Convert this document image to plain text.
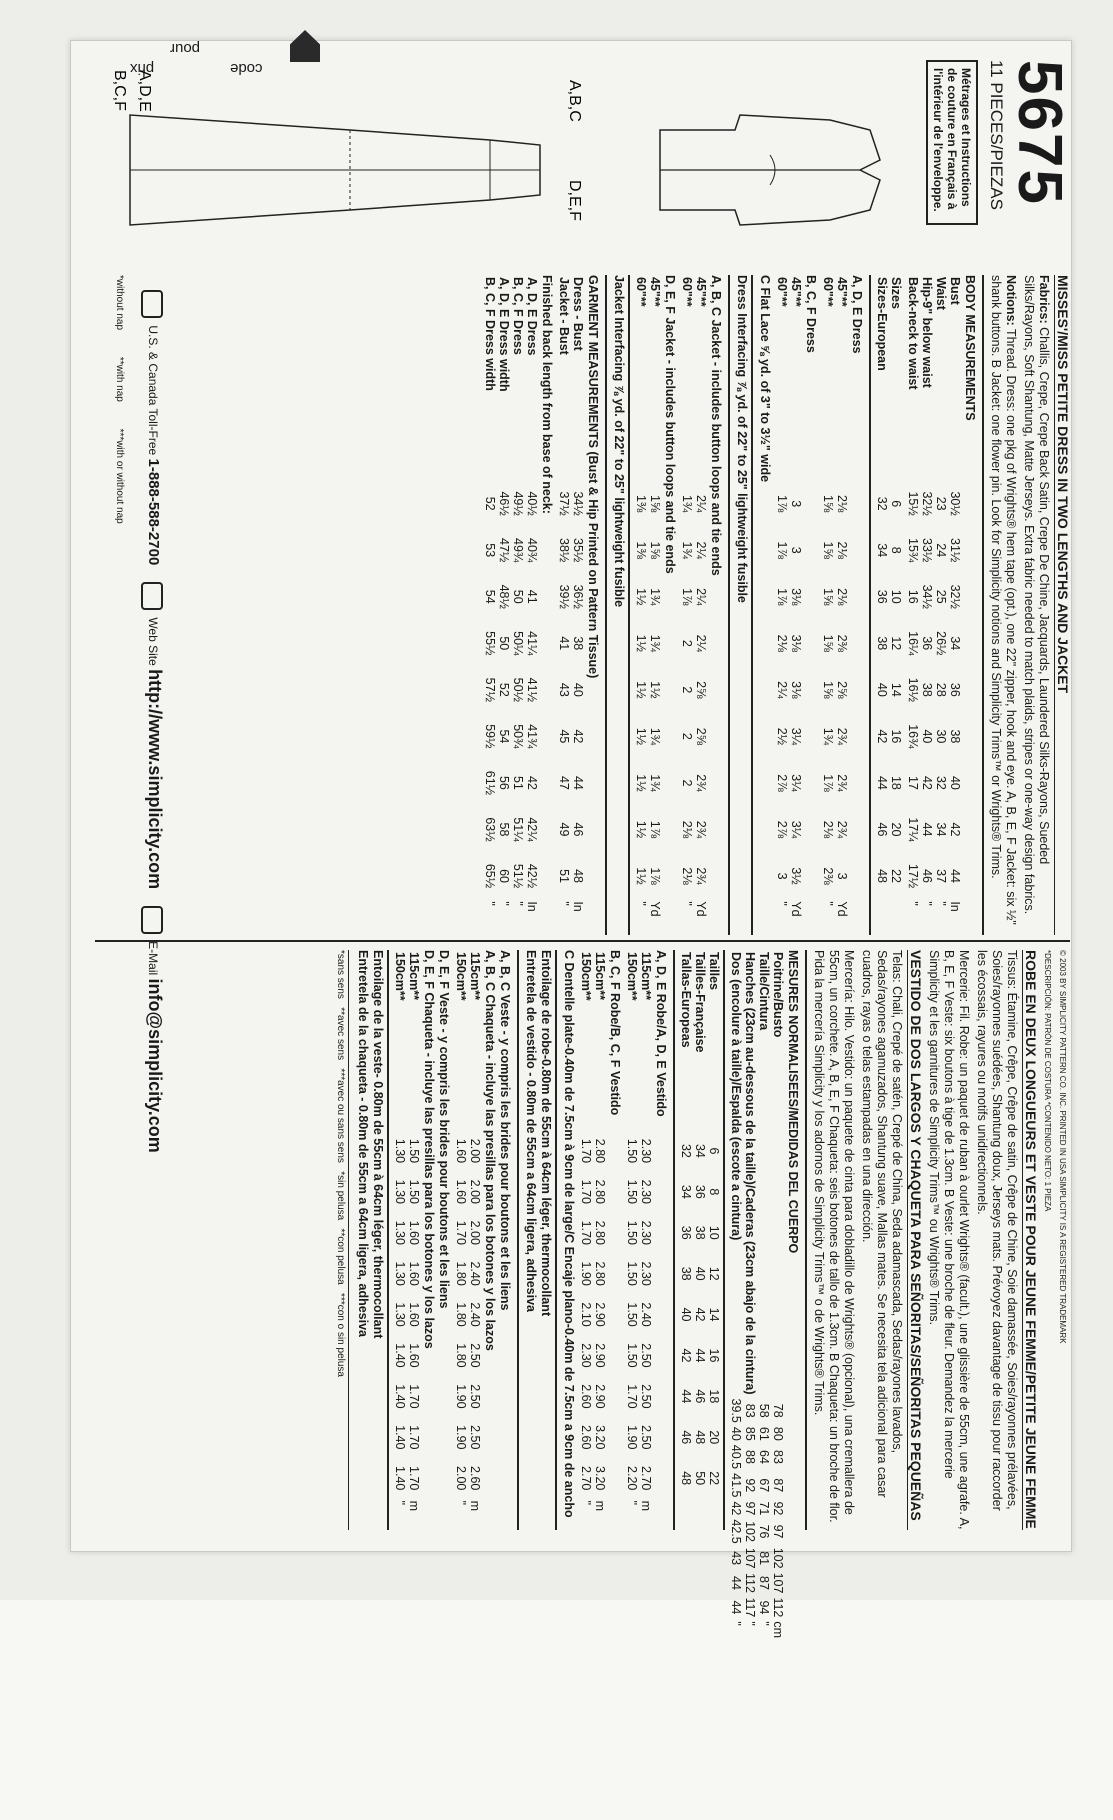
prix
pour
code	5675
11 PIECES/PIEZAS
Métrages et Instructions de couture en Français à l'intérieur de l'enveloppe.
A,B,C
D,E,F
A,D,E
B,C,F
MISSES'/MISS PETITE DRESS IN TWO LENGTHS AND JACKET

Fabrics: Challis, Crepe, Crepe Back Satin, Crepe De Chine, Jacquards, Laundered Silks-Rayons, Sueded Silks/Rayons, Soft Shantung, Matte Jerseys. Extra fabric needed to match plaids, stripes or one-way design fabrics.

Notions: Thread. Dress: one pkg of Wrights® hem tape (opt.), one 22" zipper, hook and eye. A, B, E, F Jacket: six ½" shank buttons. B Jacket: one flower pin. Look for Simplicity notions and Simplicity Trims™ or Wrights® Trims.

BODY MEASUREMENTS
Bust	30½	31½	32½	34	36	38	40	42	44	In
Waist	23	24	25	26½	28	30	32	34	37	"
Hip-9" below waist	32½	33½	34½	36	38	40	42	44	46	"
Back-neck to waist	15½	15¾	16	16¼	16½	16¾	17	17¼	17½	"
Sizes	6	8	10	12	14	16	18	20	22	
Sizes-European	32	34	36	38	40	42	44	46	48	
A, D, E Dress
45"**	2⅛	2⅛	2⅛	2⅜	2⅝	2¾	2¾	2¾	3	Yd
60"**	1⅝	1⅝	1⅝	1⅝	1⅝	1¾	1⅞	2⅛	2⅜	"
B, C, F Dress
45"**	3	3	3⅛	3⅛	3⅛	3¼	3¼	3¼	3½	Yd
60"**	1⅞	1⅞	1⅞	2⅛	2¼	2½	2⅞	2⅞	3	"
C Flat Lace ⅝ yd. of 3" to 3½" wide
Dress Interfacing ⅞ yd. of 22" to 25" lightweight fusible
A, B, C Jacket - includes button loops and tie ends
45"**	2¼	2¼	2¼	2¼	2⅝	2⅝	2¾	2¾	2¾	Yd
60"**	1¾	1¾	1⅞	2	2	2	2	2⅛	2⅛	"
D, E, F Jacket - includes button loops and tie ends
45"**	1⅝	1⅝	1¾	1¾	1½	1¾	1¾	1⅞	1⅞	Yd
60"**	1⅜	1⅜	1½	1½	1½	1½	1½	1½	1½	"
Jacket Interfacing ⅞ yd. of 22" to 25" lightweight fusible
GARMENT MEASUREMENTS (Bust & Hip Printed on Pattern Tissue)
Dress - Bust	34½	35½	36½	38	40	42	44	46	48	In
Jacket - Bust	37½	38½	39½	41	43	45	47	49	51	"
Finished back length from base of neck:
A, D, E Dress	40½	40¾	41	41¼	41½	41¾	42	42¼	42½	In
B, C, F Dress	49½	49¾	50	50¼	50½	50¾	51	51¼	51½	"
A, D, E Dress width	46½	47½	48½	50	52	54	56	58	60	"
B, C, F Dress width	52	53	54	55½	57½	59½	61½	63½	65½	"
*without nap **with nap ***with or without nap
© 2003 BY SIMPLICITY PATTERN CO. INC. PRINTED IN USA SIMPLICITY IS A REGISTERED TRADEMARK
*DESCRIPCIÓN: PATRÓN DE COSTURA *CONTENIDO NETO: 1 PIEZA
ROBE EN DEUX LONGUEURS ET VESTE POUR JEUNE FEMME/PETITE JEUNE FEMME

Tissus: Étamine, Crêpe, Crêpe de satin, Crêpe de Chine, Soie damassée, Soies/rayonnes prélavées, Soies/rayonnes suédées, Shantung doux, Jerseys mats. Prévoyez davantage de tissu pour raccorder les écossais, rayures ou motifs unidirectionnels.

Mercerie: Fil. Robe: un paquet de ruban à ourlet Wrights® (facult.), une glissière de 55cm, une agrafe. A, B, E, F Veste: six boutons à tige de 1.3cm. B Veste: une broche de fleur. Demandez la mercerie Simplicity et les garnitures de Simplicity Trims™ ou Wrights® Trims.

VESTIDO DE DOS LARGOS Y CHAQUETA PARA SEÑORITAS/SEÑORITAS PEQUEÑAS

Telas: Chali, Crepé de satén, Crepé de China, Seda adamascada, Sedas/rayones lavados, Sedas/rayones agamuzados, Shantung suave, Mallas mates. Se necesita tela adicional para casar cuadros, rayas o telas estampadas en una dirección.

Mercería: Hilo. Vestido: un paquete de cinta para dobladillo de Wrights® (opcional), una cremallera de 55cm, un corchete. A, B, E, F Chaqueta: seis botones de tallo de 1.3cm. B Chaqueta: un broche de flor. Pida la mercería Simplicity y los adornos de Simplicity Trims™ o de Wrights® Trims.

MESURES NORMALISEES/MEDIDAS DEL CUERPO
Poitrine/Busto	78	80	83	87	92	97	102	107	112	cm
Taille/Cintura	58	61	64	67	71	76	81	87	94	"
Hanches (23cm au-dessous de la taille)/Caderas (23cm abajo de la cintura)	83	85	88	92	97	102	107	112	117	"
Dos (encolure à taille)/Espalda (escote a cintura)	39.5	40	40.5	41.5	42	42.5	43	44	44	"
Tailles	6	8	10	12	14	16	18	20	22	
Tailles-Française	34	36	38	40	42	44	46	48	50	
Tallas-Europeas	32	34	36	38	40	42	44	46	48	
A, D, E Robe/A, D, E Vestido
115cm**	2.30	2.30	2.30	2.30	2.40	2.50	2.50	2.50	2.70	m
150cm**	1.50	1.50	1.50	1.50	1.50	1.50	1.70	1.90	2.20	"
B, C, F Robe/B, C, F Vestido
115cm**	2.80	2.80	2.80	2.80	2.90	2.90	2.90	3.20	3.20	m
150cm**	1.70	1.70	1.70	1.90	2.10	2.30	2.60	2.60	2.70	"
C Dentelle plate-0.40m de 7.5cm à 9cm de large/C Encaje plano-0.40m de 7.5cm a 9cm de ancho
Entoilage de robe-0.80m de 55cm à 64cm léger, thermocollant
Entretela de vestido - 0.80m de 55cm a 64cm ligera, adhesiva
A, B, C Veste - y compris les brides pour boutons et les liens
A, B, C Chaqueta - incluye las presillas para los botones y los lazos
115cm**	2.00	2.00	2.00	2.40	2.40	2.50	2.50	2.50	2.60	m
150cm**	1.60	1.60	1.70	1.80	1.80	1.80	1.90	1.90	2.00	"
D, E, F Veste - y compris les brides pour boutons et les liens
D, E, F Chaqueta - incluye las presillas para los botones y los lazos
115cm**	1.50	1.50	1.60	1.60	1.60	1.60	1.70	1.70	1.70	m
150cm**	1.30	1.30	1.30	1.30	1.30	1.40	1.40	1.40	1.40	"
Entoilage de la veste- 0.80m de 55cm à 64cm léger, thermocollant
Entretela de la chaqueta - 0.80m de 55cm a 64cm ligera, adhesiva
*sans sens   **avec sens   ***avec ou sans sens   *sin pelusa   **con pelusa   ***con o sin pelusa
U.S. & Canada Toll-Free 1-888-588-2700      Web Site http://www.simplicity.com      E-Mail info@simplicity.com
